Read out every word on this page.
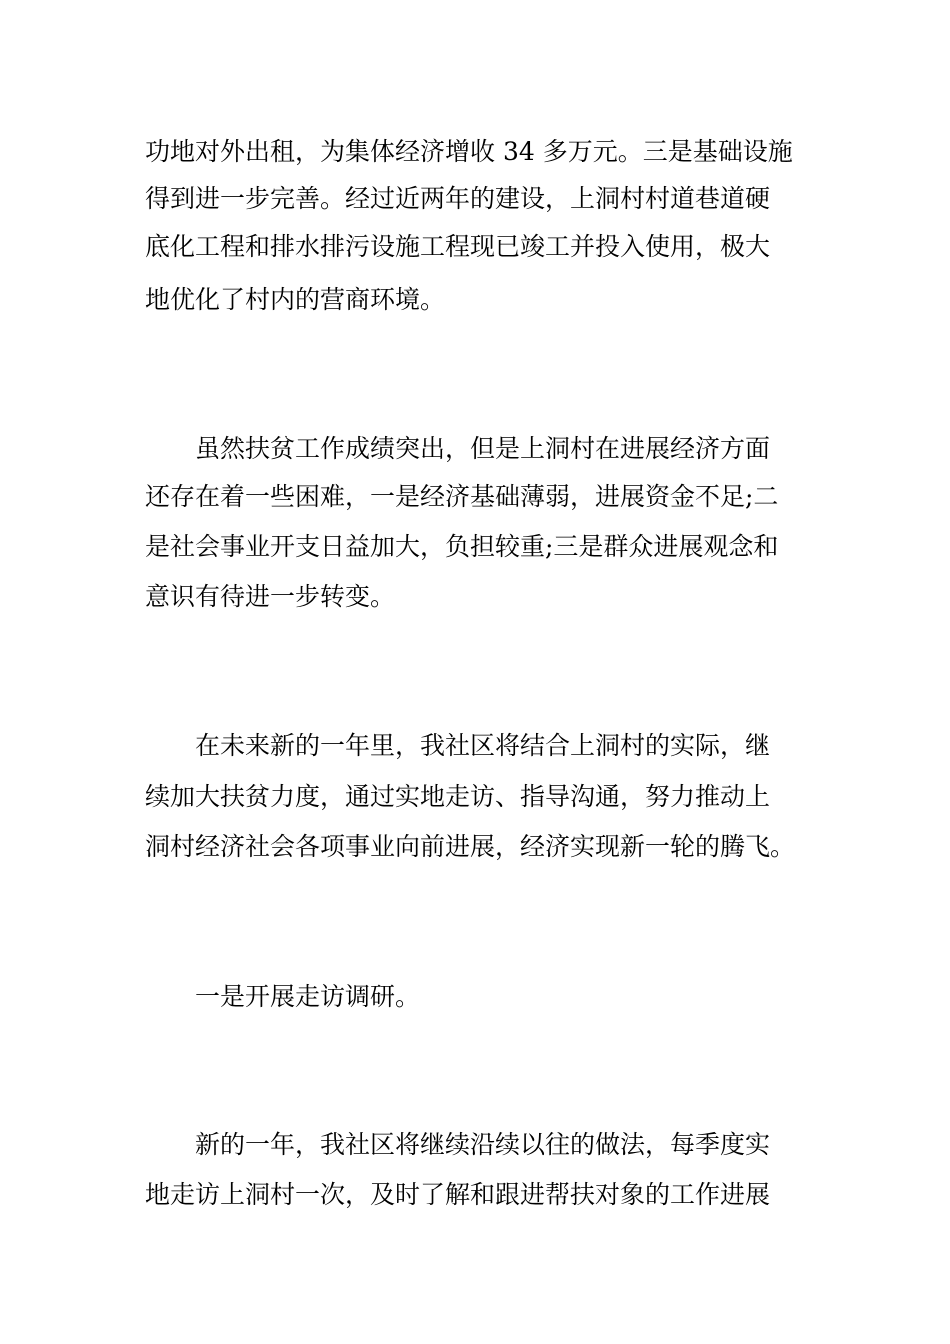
功地对外出租，为集体经济增收 34 多万元。三是基础设施

得到进一步完善。经过近两年的建设，上洞村村道巷道硬

底化工程和排水排污设施工程现已竣工并投入使用，极大

地优化了村内的营商环境。

虽然扶贫工作成绩突出，但是上洞村在进展经济方面

还存在着一些困难，一是经济基础薄弱，进展资金不足;二

是社会事业开支日益加大，负担较重;三是群众进展观念和

意识有待进一步转变。

在未来新的一年里，我社区将结合上洞村的实际，继

续加大扶贫力度，通过实地走访、指导沟通，努力推动上

洞村经济社会各项事业向前进展，经济实现新一轮的腾飞。

一是开展走访调研。

新的一年，我社区将继续沿续以往的做法，每季度实

地走访上洞村一次，及时了解和跟进帮扶对象的工作进展
